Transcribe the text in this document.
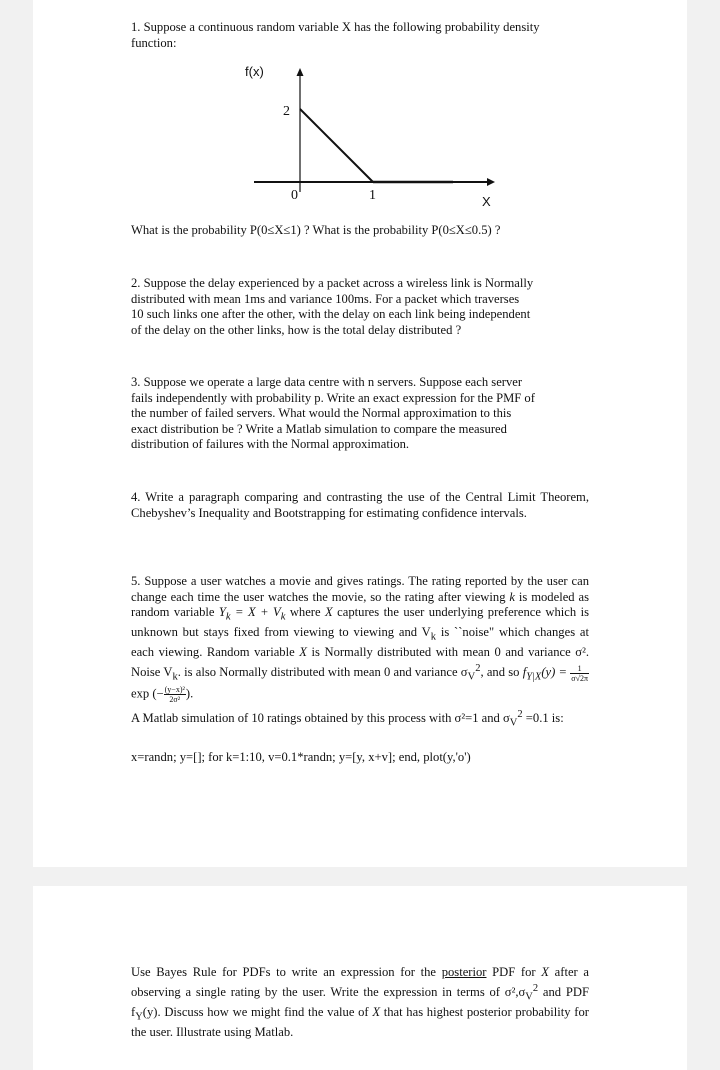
1. Suppose a continuous random variable X has the following probability density
function:

f(x)
2
0	1	X

What is the probability P(0≤X≤1) ? What is the probability P(0≤X≤0.5) ?

2. Suppose the delay experienced by a packet across a wireless link is Normally
distributed with mean 1ms and variance 100ms. For a packet which traverses
10 such links one after the other, with the delay on each link being independent
of the delay on the other links, how is the total delay distributed ?

3. Suppose we operate a large data centre with n servers. Suppose each server
fails independently with probability p. Write an exact expression for the PMF of
the number of failed servers. What would the Normal approximation to this
exact distribution be ? Write a Matlab simulation to compare the measured
distribution of failures with the Normal approximation.

4. Write a paragraph comparing and contrasting the use of the Central Limit Theorem, Chebyshev’s Inequality and Bootstrapping for estimating confidence intervals.

5. Suppose a user watches a movie and gives ratings. The rating reported by the user can change each time the user watches the movie, so the rating after viewing k is modeled as random variable $Y_k = X + V_k$ where X captures the user underlying preference which is unknown but stays fixed from viewing to viewing and $V_k$ is ``noise" which changes at each viewing. Random variable X is Normally distributed with mean 0 and variance σ². Noise $V_k$. is also Normally distributed with mean 0 and variance $\sigma_V^2$, and so $f_{Y|X}(y) = \frac{1}{\sigma√2\pi}$
exp (− $\frac{\text{(y−x)²}}{\text{2σ²}}$ ).

A Matlab simulation of 10 ratings obtained by this process with σ²=1 and $\sigma_V^2 =0.1$ is:

x=randn; y=[]; for k=1:10, v=0.1*randn; y=[y, x+v]; end, plot(y,'o')

Use Bayes Rule for PDFs to write an expression for the posterior PDF for X after a observing a single rating by the user. Write the expression in terms of $\sigma^2,\sigma_V^2$ and PDF $f_Y(y)$. Discuss how we might find the value of X that has highest posterior probability for the user. Illustrate using Matlab.
